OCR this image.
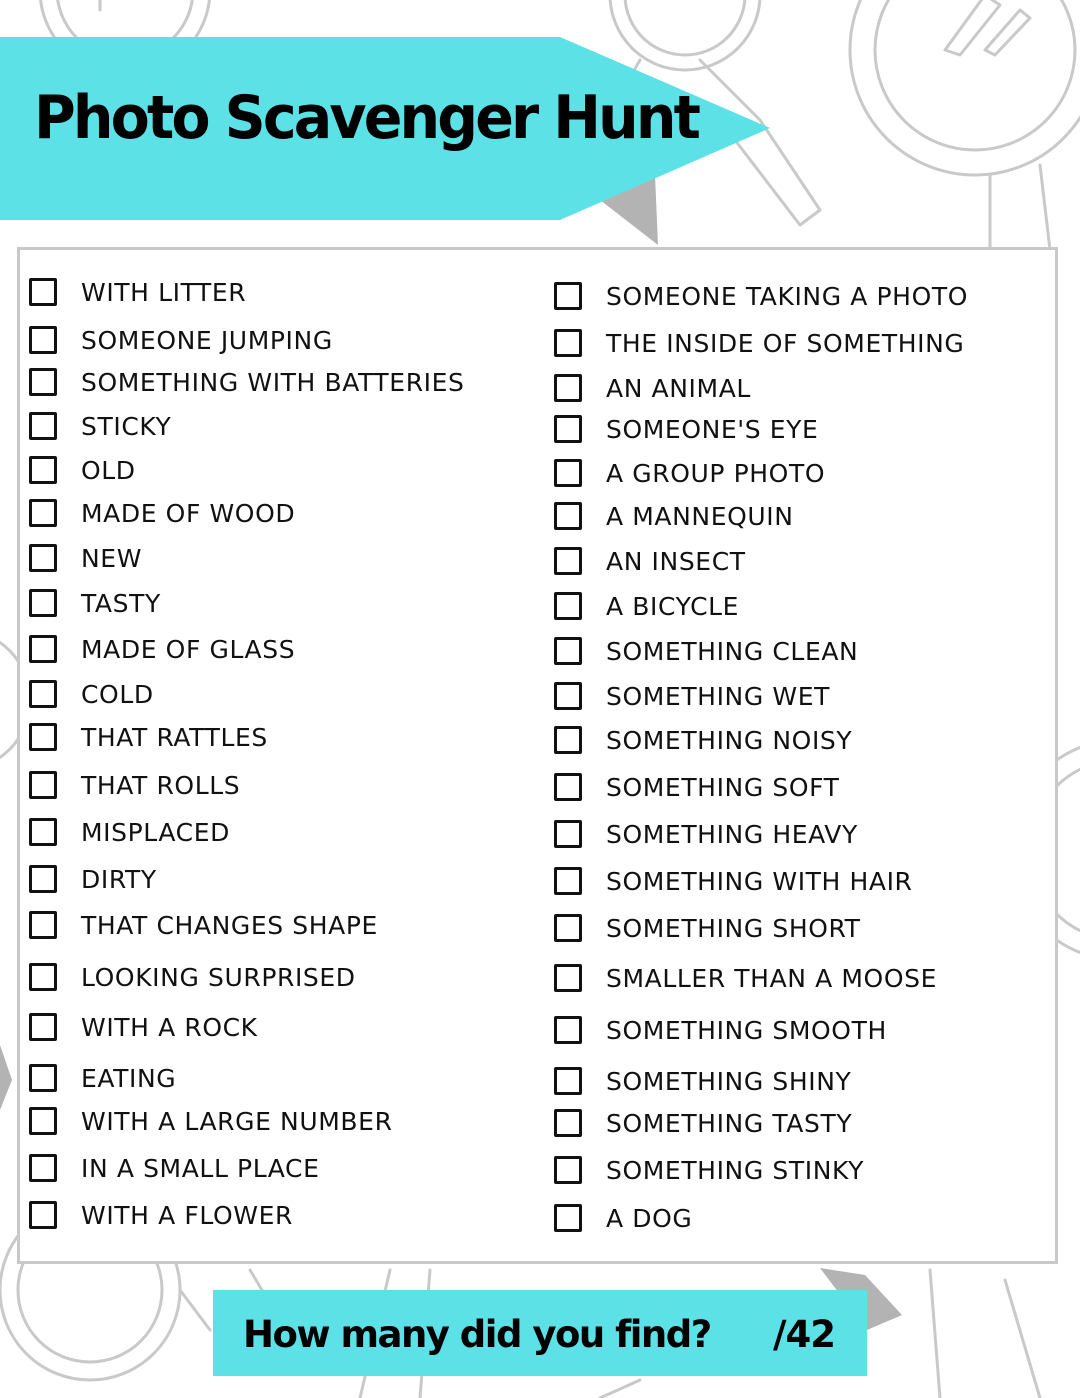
Photo Scavenger Hunt
WITH LITTER
SOMEONE JUMPING
SOMETHING WITH BATTERIES
STICKY
OLD
MADE OF WOOD
NEW
TASTY
MADE OF GLASS
COLD
THAT RATTLES
THAT ROLLS
MISPLACED
DIRTY
THAT CHANGES SHAPE
LOOKING SURPRISED
WITH A ROCK
EATING
WITH A LARGE NUMBER
IN A SMALL PLACE
WITH A FLOWER
SOMEONE TAKING A PHOTO
THE INSIDE OF SOMETHING
AN ANIMAL
SOMEONE'S EYE
A GROUP PHOTO
A MANNEQUIN
AN INSECT
A BICYCLE
SOMETHING CLEAN
SOMETHING WET
SOMETHING NOISY
SOMETHING SOFT
SOMETHING HEAVY
SOMETHING WITH HAIR
SOMETHING SHORT
SMALLER THAN A MOOSE
SOMETHING SMOOTH
SOMETHING SHINY
SOMETHING TASTY
SOMETHING STINKY
A DOG
How many did you find? /42
